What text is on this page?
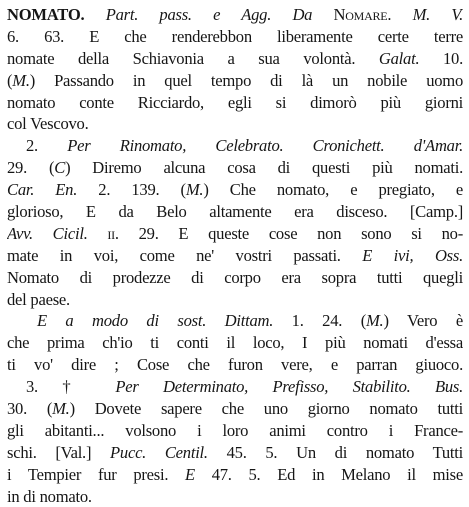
NOMATO. Part. pass. e Agg. Da Nomare. M. V.
6. 63. E che renderebbon liberamente certe terre
nomate della Schiavonia a sua volontà. Galat. 10.
(M.) Passando in quel tempo di là un nobile uomo
nomato conte Ricciardo, egli si dimorò più giorni
col Vescovo.
2. Per Rinomato, Celebrato. Cronichett. d'Amar.
29. (C) Diremo alcuna cosa di questi più nomati.
Car. En. 2. 139. (M.) Che nomato, e pregiato, e
glorioso, E da Belo altamente era disceso. [Camp.]
Avv. Cicil. ii. 29. E queste cose non sono si no-
mate in voi, come ne' vostri passati. E ivi, Oss.
Nomato di prodezze di corpo era sopra tutti quegli
del paese.
E a modo di sost. Dittam. 1. 24. (M.) Vero è
che prima ch'io ti conti il loco, I più nomati d'essa
ti vo' dire ; Cose che furon vere, e parran giuoco.
3. † Per Determinato, Prefisso, Stabilito. Bus.
30. (M.) Dovete sapere che uno giorno nomato tutti
gli abitanti... volsono i loro animi contro i France-
schi. [Val.] Pucc. Centil. 45. 5. Un di nomato Tutti
i Tempier fur presi. E 47. 5. Ed in Melano il mise
in di nomato.
